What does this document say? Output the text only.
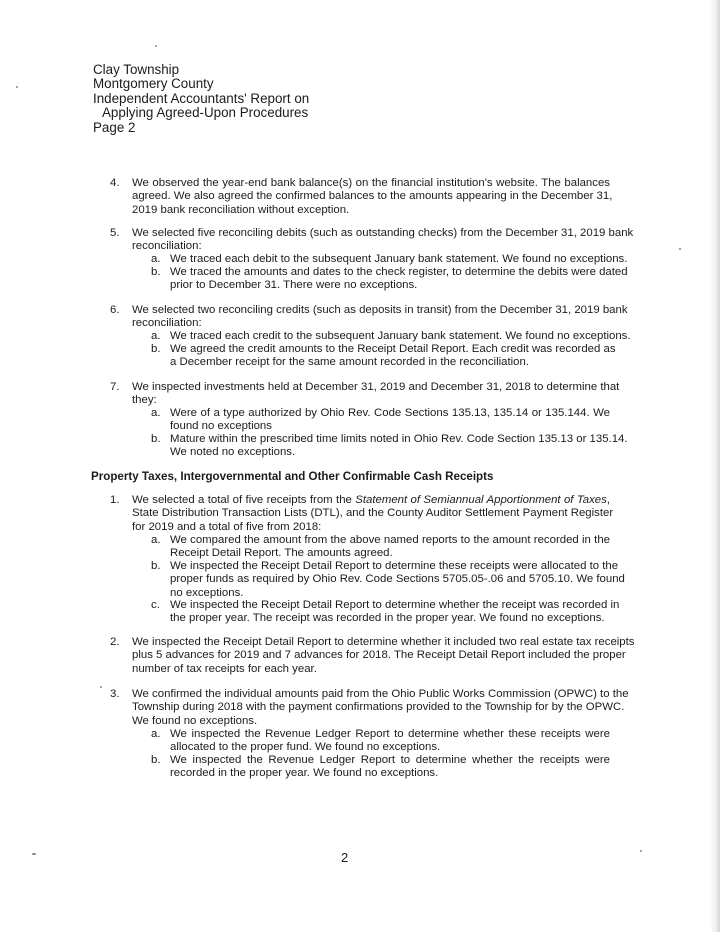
Clay Township
Montgomery County
Independent Accountants' Report on
Applying Agreed-Upon Procedures
Page 2
4. We observed the year-end bank balance(s) on the financial institution's website. The balances
agreed. We also agreed the confirmed balances to the amounts appearing in the December 31,
2019 bank reconciliation without exception.
5. We selected five reconciling debits (such as outstanding checks) from the December 31, 2019 bank
reconciliation:
a. We traced each debit to the subsequent January bank statement. We found no exceptions.
b. We traced the amounts and dates to the check register, to determine the debits were dated
prior to December 31. There were no exceptions.
6. We selected two reconciling credits (such as deposits in transit) from the December 31, 2019 bank
reconciliation:
a. We traced each credit to the subsequent January bank statement. We found no exceptions.
b. We agreed the credit amounts to the Receipt Detail Report. Each credit was recorded as
a December receipt for the same amount recorded in the reconciliation.
7. We inspected investments held at December 31, 2019 and December 31, 2018 to determine that
they:
a. Were of a type authorized by Ohio Rev. Code Sections 135.13, 135.14 or 135.144. We
found no exceptions
b. Mature within the prescribed time limits noted in Ohio Rev. Code Section 135.13 or 135.14.
We noted no exceptions.
Property Taxes, Intergovernmental and Other Confirmable Cash Receipts
1. We selected a total of five receipts from the Statement of Semiannual Apportionment of Taxes,
State Distribution Transaction Lists (DTL), and the County Auditor Settlement Payment Register
for 2019 and a total of five from 2018:
a. We compared the amount from the above named reports to the amount recorded in the
Receipt Detail Report. The amounts agreed.
b. We inspected the Receipt Detail Report to determine these receipts were allocated to the
proper funds as required by Ohio Rev. Code Sections 5705.05-.06 and 5705.10. We found
no exceptions.
c. We inspected the Receipt Detail Report to determine whether the receipt was recorded in
the proper year. The receipt was recorded in the proper year. We found no exceptions.
2. We inspected the Receipt Detail Report to determine whether it included two real estate tax receipts
plus 5 advances for 2019 and 7 advances for 2018. The Receipt Detail Report included the proper
number of tax receipts for each year.
3. We confirmed the individual amounts paid from the Ohio Public Works Commission (OPWC) to the
Township during 2018 with the payment confirmations provided to the Township for by the OPWC.
We found no exceptions.
a. We inspected the Revenue Ledger Report to determine whether these receipts were
allocated to the proper fund. We found no exceptions.
b. We inspected the Revenue Ledger Report to determine whether the receipts were
recorded in the proper year. We found no exceptions.
2
